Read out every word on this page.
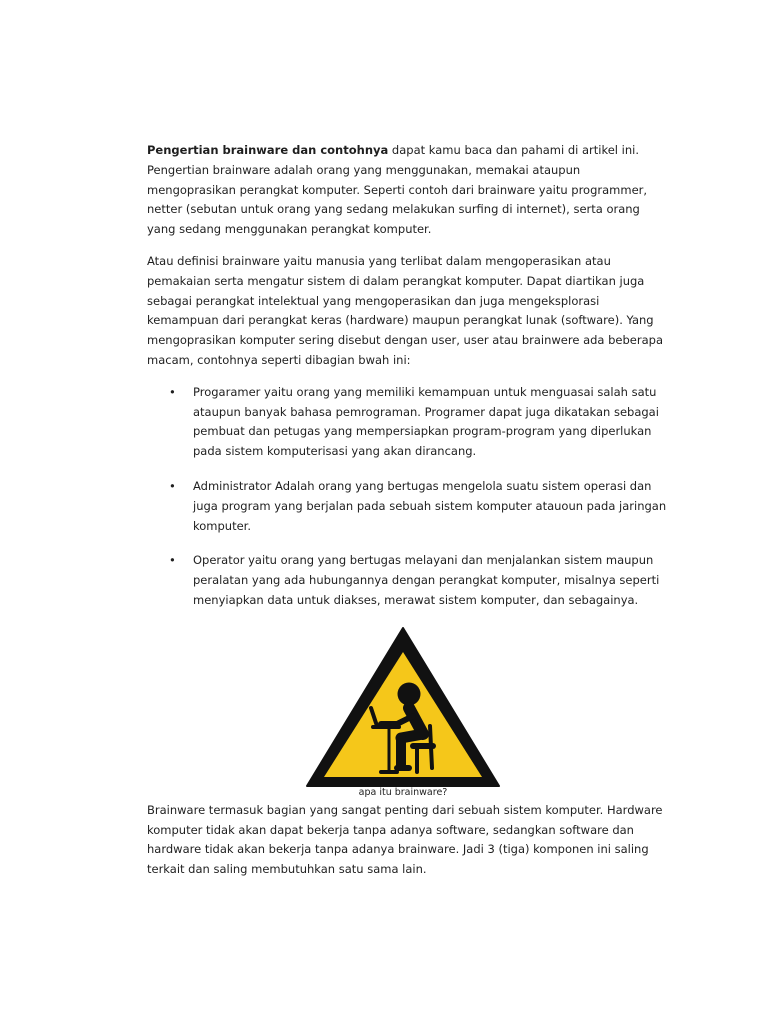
Pengertian brainware dan contohnya dapat kamu baca dan pahami di artikel ini. Pengertian brainware adalah orang yang menggunakan, memakai ataupun mengoprasikan perangkat komputer. Seperti contoh dari brainware yaitu programmer, netter (sebutan untuk orang yang sedang melakukan surfing di internet), serta orang yang sedang menggunakan perangkat komputer.

Atau definisi brainware yaitu manusia yang terlibat dalam mengoperasikan atau pemakaian serta mengatur sistem di dalam perangkat komputer. Dapat diartikan juga sebagai perangkat intelektual yang mengoperasikan dan juga mengeksplorasi kemampuan dari perangkat keras (hardware) maupun perangkat lunak (software). Yang mengoprasikan komputer sering disebut dengan user, user atau brainwere ada beberapa macam, contohnya seperti dibagian bwah ini:

• Progaramer yaitu orang yang memiliki kemampuan untuk menguasai salah satu ataupun banyak bahasa pemrograman. Programer dapat juga dikatakan sebagai pembuat dan petugas yang mempersiapkan program-program yang diperlukan pada sistem komputerisasi yang akan dirancang.
• Administrator Adalah orang yang bertugas mengelola suatu sistem operasi dan juga program yang berjalan pada sebuah sistem komputer atauoun pada jaringan komputer.
• Operator yaitu orang yang bertugas melayani dan menjalankan sistem maupun peralatan yang ada hubungannya dengan perangkat komputer, misalnya seperti menyiapkan data untuk diakses, merawat sistem komputer, dan sebagainya.
apa itu brainware?

Brainware termasuk bagian yang sangat penting dari sebuah sistem komputer. Hardware komputer tidak akan dapat bekerja tanpa adanya software, sedangkan software dan hardware tidak akan bekerja tanpa adanya brainware. Jadi 3 (tiga) komponen ini saling terkait dan saling membutuhkan satu sama lain.
